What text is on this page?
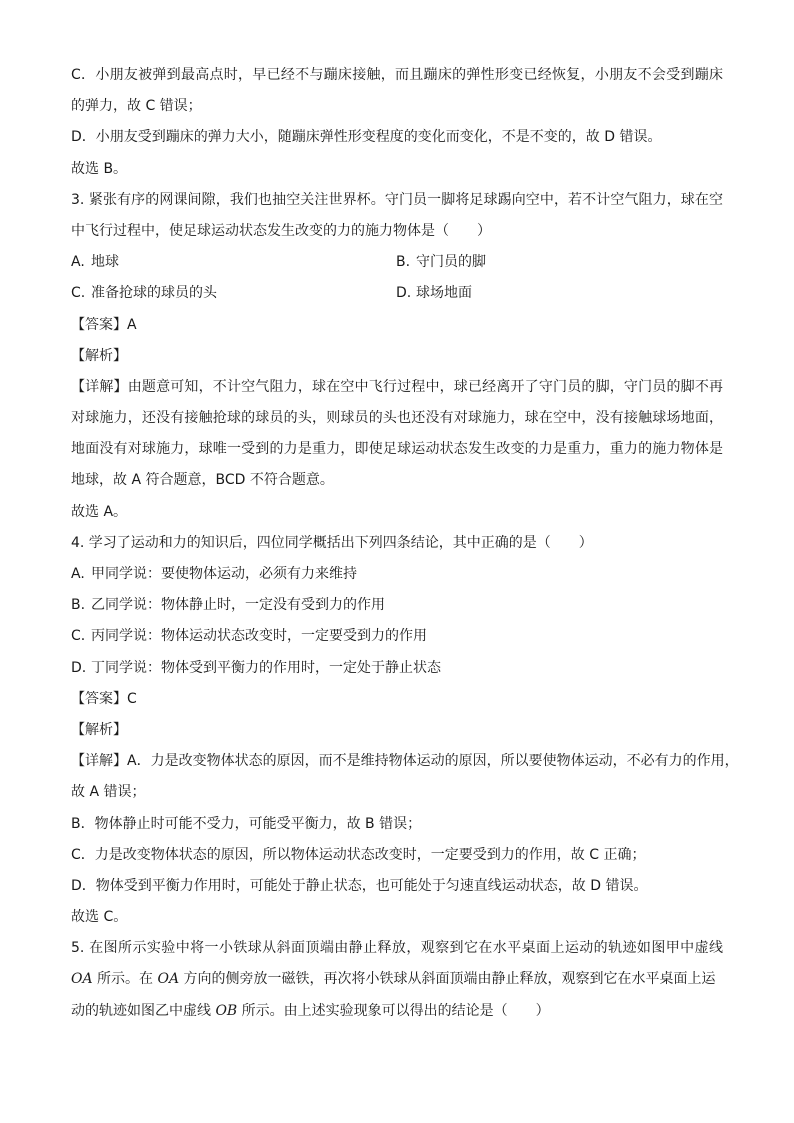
C．小朋友被弹到最高点时，早已经不与蹦床接触，而且蹦床的弹性形变已经恢复，小朋友不会受到蹦床
的弹力，故 C 错误；
D．小朋友受到蹦床的弹力大小，随蹦床弹性形变程度的变化而变化，不是不变的，故 D 错误。
故选 B。
3. 紧张有序的网课间隙，我们也抽空关注世界杯。守门员一脚将足球踢向空中，若不计空气阻力，球在空
中飞行过程中，使足球运动状态发生改变的力的施力物体是（　　）
A. 地球	B. 守门员的脚
C. 准备抢球的球员的头	D. 球场地面
【答案】A
【解析】
【详解】由题意可知，不计空气阻力，球在空中飞行过程中，球已经离开了守门员的脚，守门员的脚不再
对球施力，还没有接触抢球的球员的头，则球员的头也还没有对球施力，球在空中，没有接触球场地面，
地面没有对球施力，球唯一受到的力是重力，即使足球运动状态发生改变的力是重力，重力的施力物体是
地球，故 A 符合题意，BCD 不符合题意。
故选 A。
4. 学习了运动和力的知识后，四位同学概括出下列四条结论，其中正确的是（　　）
A. 甲同学说：要使物体运动，必须有力来维持
B. 乙同学说：物体静止时，一定没有受到力的作用
C. 丙同学说：物体运动状态改变时，一定要受到力的作用
D. 丁同学说：物体受到平衡力的作用时，一定处于静止状态
【答案】C
【解析】
【详解】A．力是改变物体状态的原因，而不是维持物体运动的原因，所以要使物体运动，不必有力的作用，
故 A 错误；
B．物体静止时可能不受力，可能受平衡力，故 B 错误；
C．力是改变物体状态的原因，所以物体运动状态改变时，一定要受到力的作用，故 C 正确；
D．物体受到平衡力作用时，可能处于静止状态，也可能处于匀速直线运动状态，故 D 错误。
故选 C。
5. 在图所示实验中将一小铁球从斜面顶端由静止释放，观察到它在水平桌面上运动的轨迹如图甲中虚线
OA 所示。在 OA 方向的侧旁放一磁铁，再次将小铁球从斜面顶端由静止释放，观察到它在水平桌面上运
动的轨迹如图乙中虚线 OB 所示。由上述实验现象可以得出的结论是（　　）
